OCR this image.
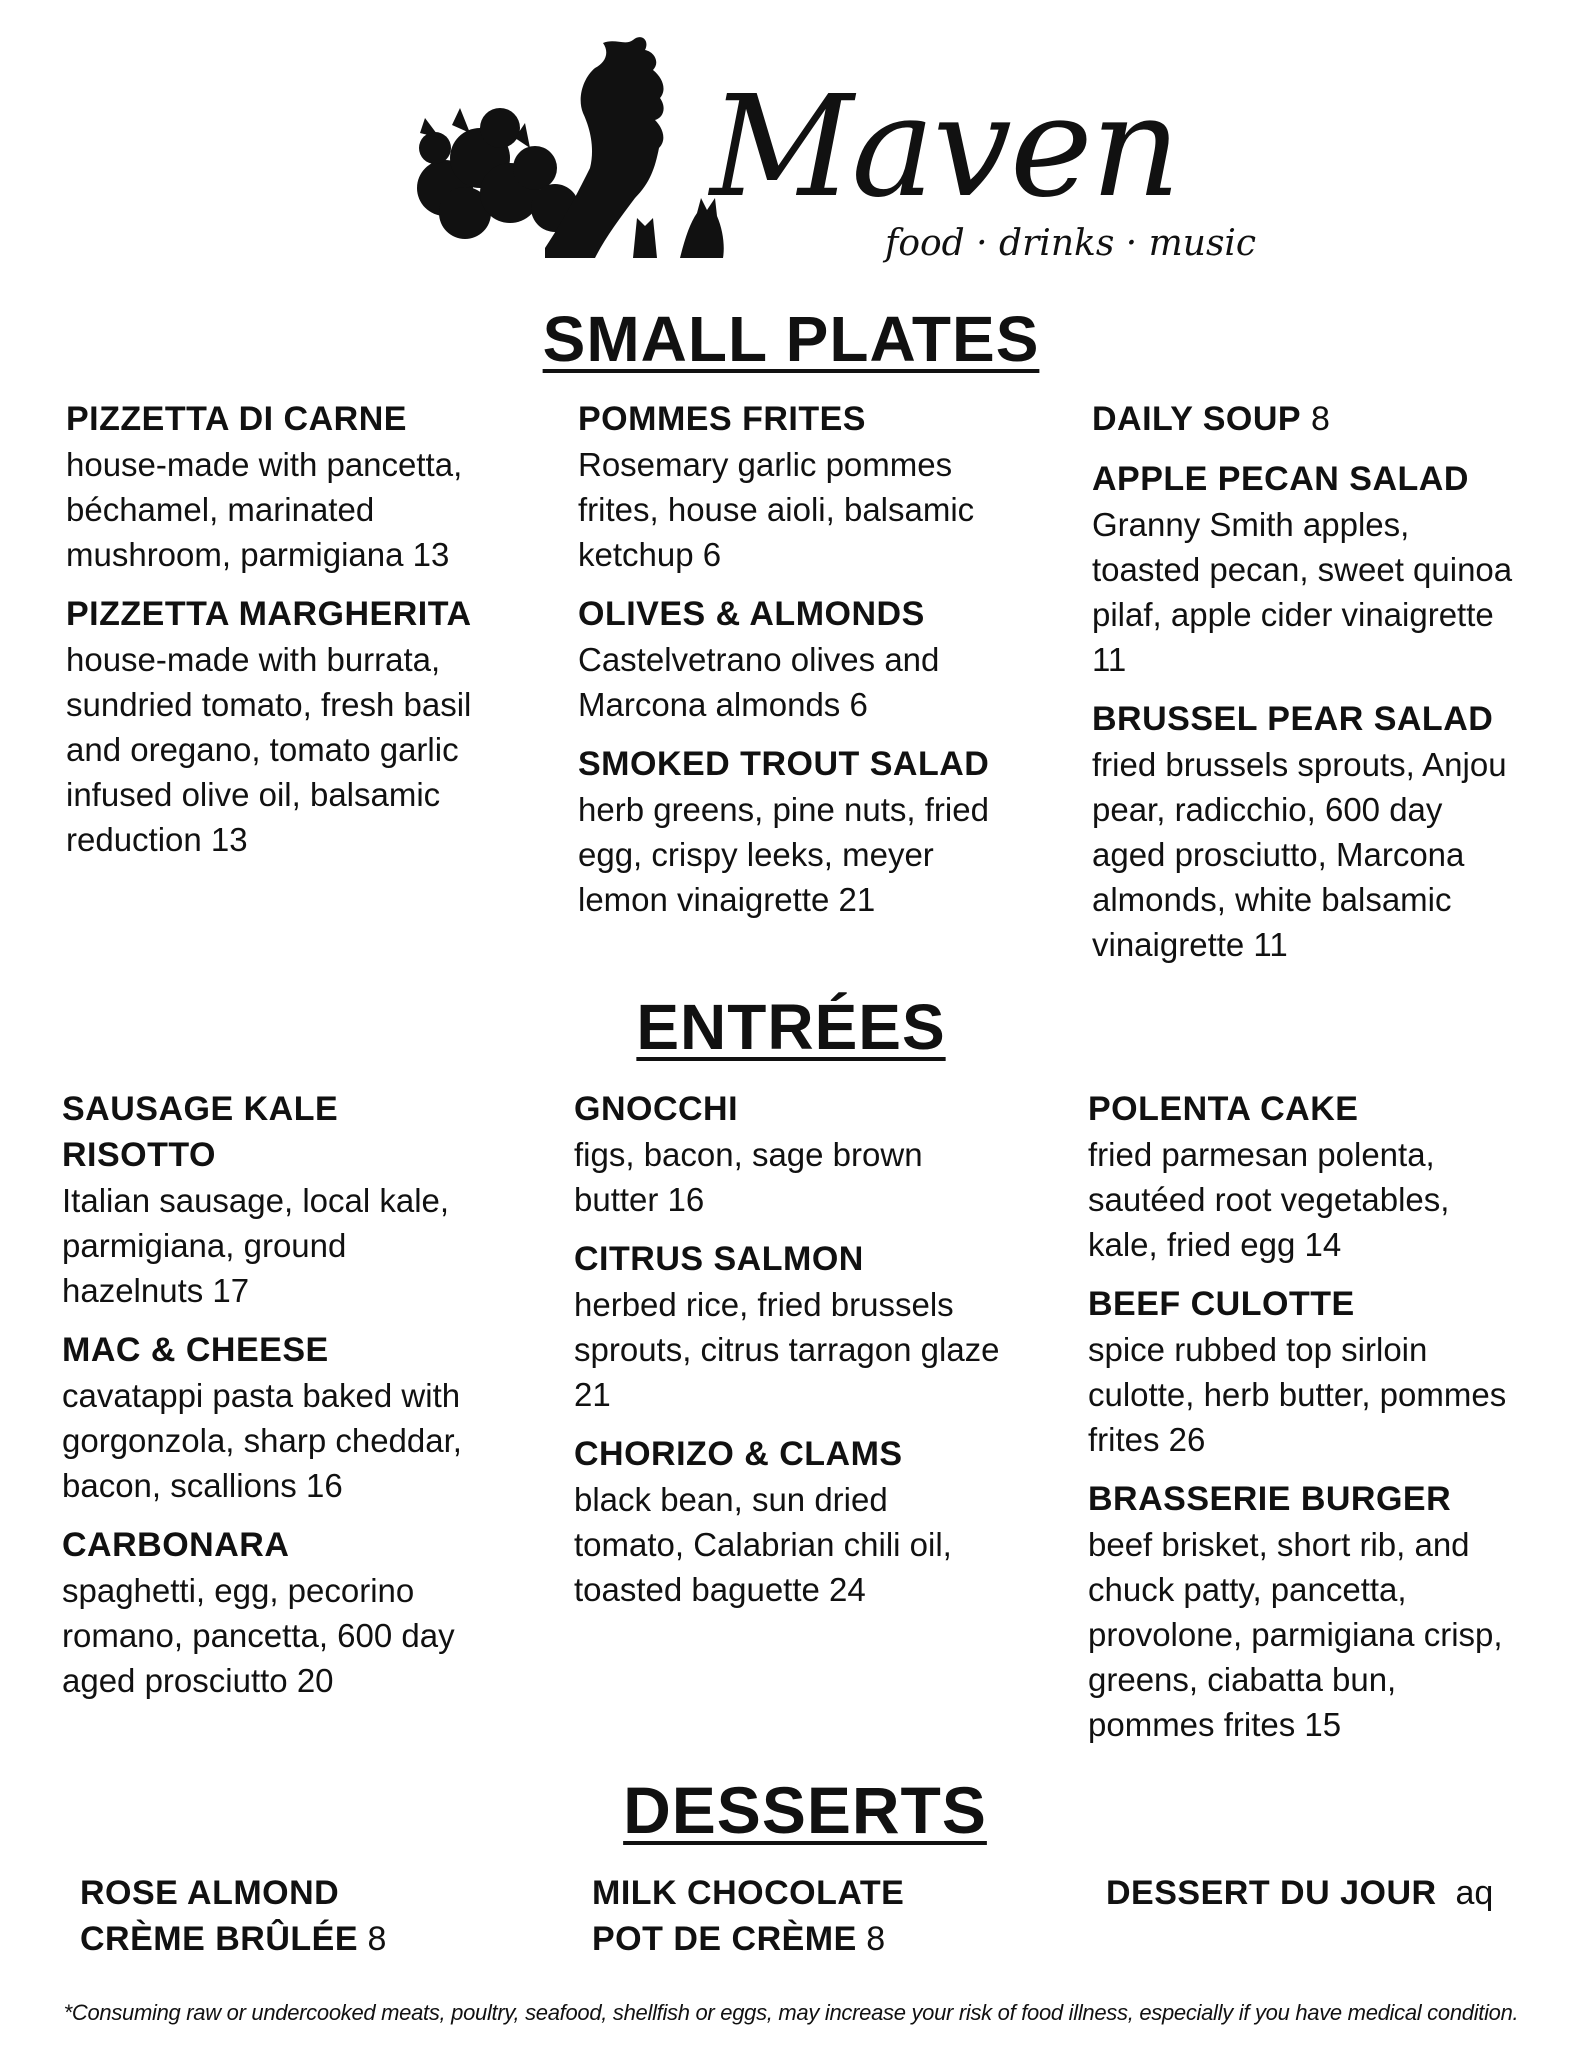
Maven
food · drinks · music
SMALL PLATES
PIZZETTA DI CARNE
house-made with pancetta, béchamel, marinated mushroom, parmigiana 13
PIZZETTA MARGHERITA
house-made with burrata, sundried tomato, fresh basil and oregano, tomato garlic infused olive oil, balsamic reduction 13
POMMES FRITES
Rosemary garlic pommes frites, house aioli, balsamic ketchup 6
OLIVES & ALMONDS
Castelvetrano olives and Marcona almonds 6
SMOKED TROUT SALAD
herb greens, pine nuts, fried egg, crispy leeks, meyer lemon vinaigrette 21
DAILY SOUP 8
APPLE PECAN SALAD
Granny Smith apples, toasted pecan, sweet quinoa pilaf, apple cider vinaigrette 11
BRUSSEL PEAR SALAD
fried brussels sprouts, Anjou pear, radicchio, 600 day aged prosciutto, Marcona almonds, white balsamic vinaigrette 11
ENTRÉES
SAUSAGE KALE RISOTTO
Italian sausage, local kale, parmigiana, ground hazelnuts 17
MAC & CHEESE
cavatappi pasta baked with gorgonzola, sharp cheddar, bacon, scallions 16
CARBONARA
spaghetti, egg, pecorino romano, pancetta, 600 day aged prosciutto 20
GNOCCHI
figs, bacon, sage brown butter 16
CITRUS SALMON
herbed rice, fried brussels sprouts, citrus tarragon glaze 21
CHORIZO & CLAMS
black bean, sun dried tomato, Calabrian chili oil, toasted baguette 24
POLENTA CAKE
fried parmesan polenta, sautéed root vegetables, kale, fried egg 14
BEEF CULOTTE
spice rubbed top sirloin culotte, herb butter, pommes frites 26
BRASSERIE BURGER
beef brisket, short rib, and chuck patty, pancetta, provolone, parmigiana crisp, greens, ciabatta bun, pommes frites 15
DESSERTS
ROSE ALMOND
CRÈME BRÛLÉE 8
MILK CHOCOLATE
POT DE CRÈME 8
DESSERT DU JOUR aq
*Consuming raw or undercooked meats, poultry, seafood, shellfish or eggs, may increase your risk of food illness, especially if you have medical condition.
